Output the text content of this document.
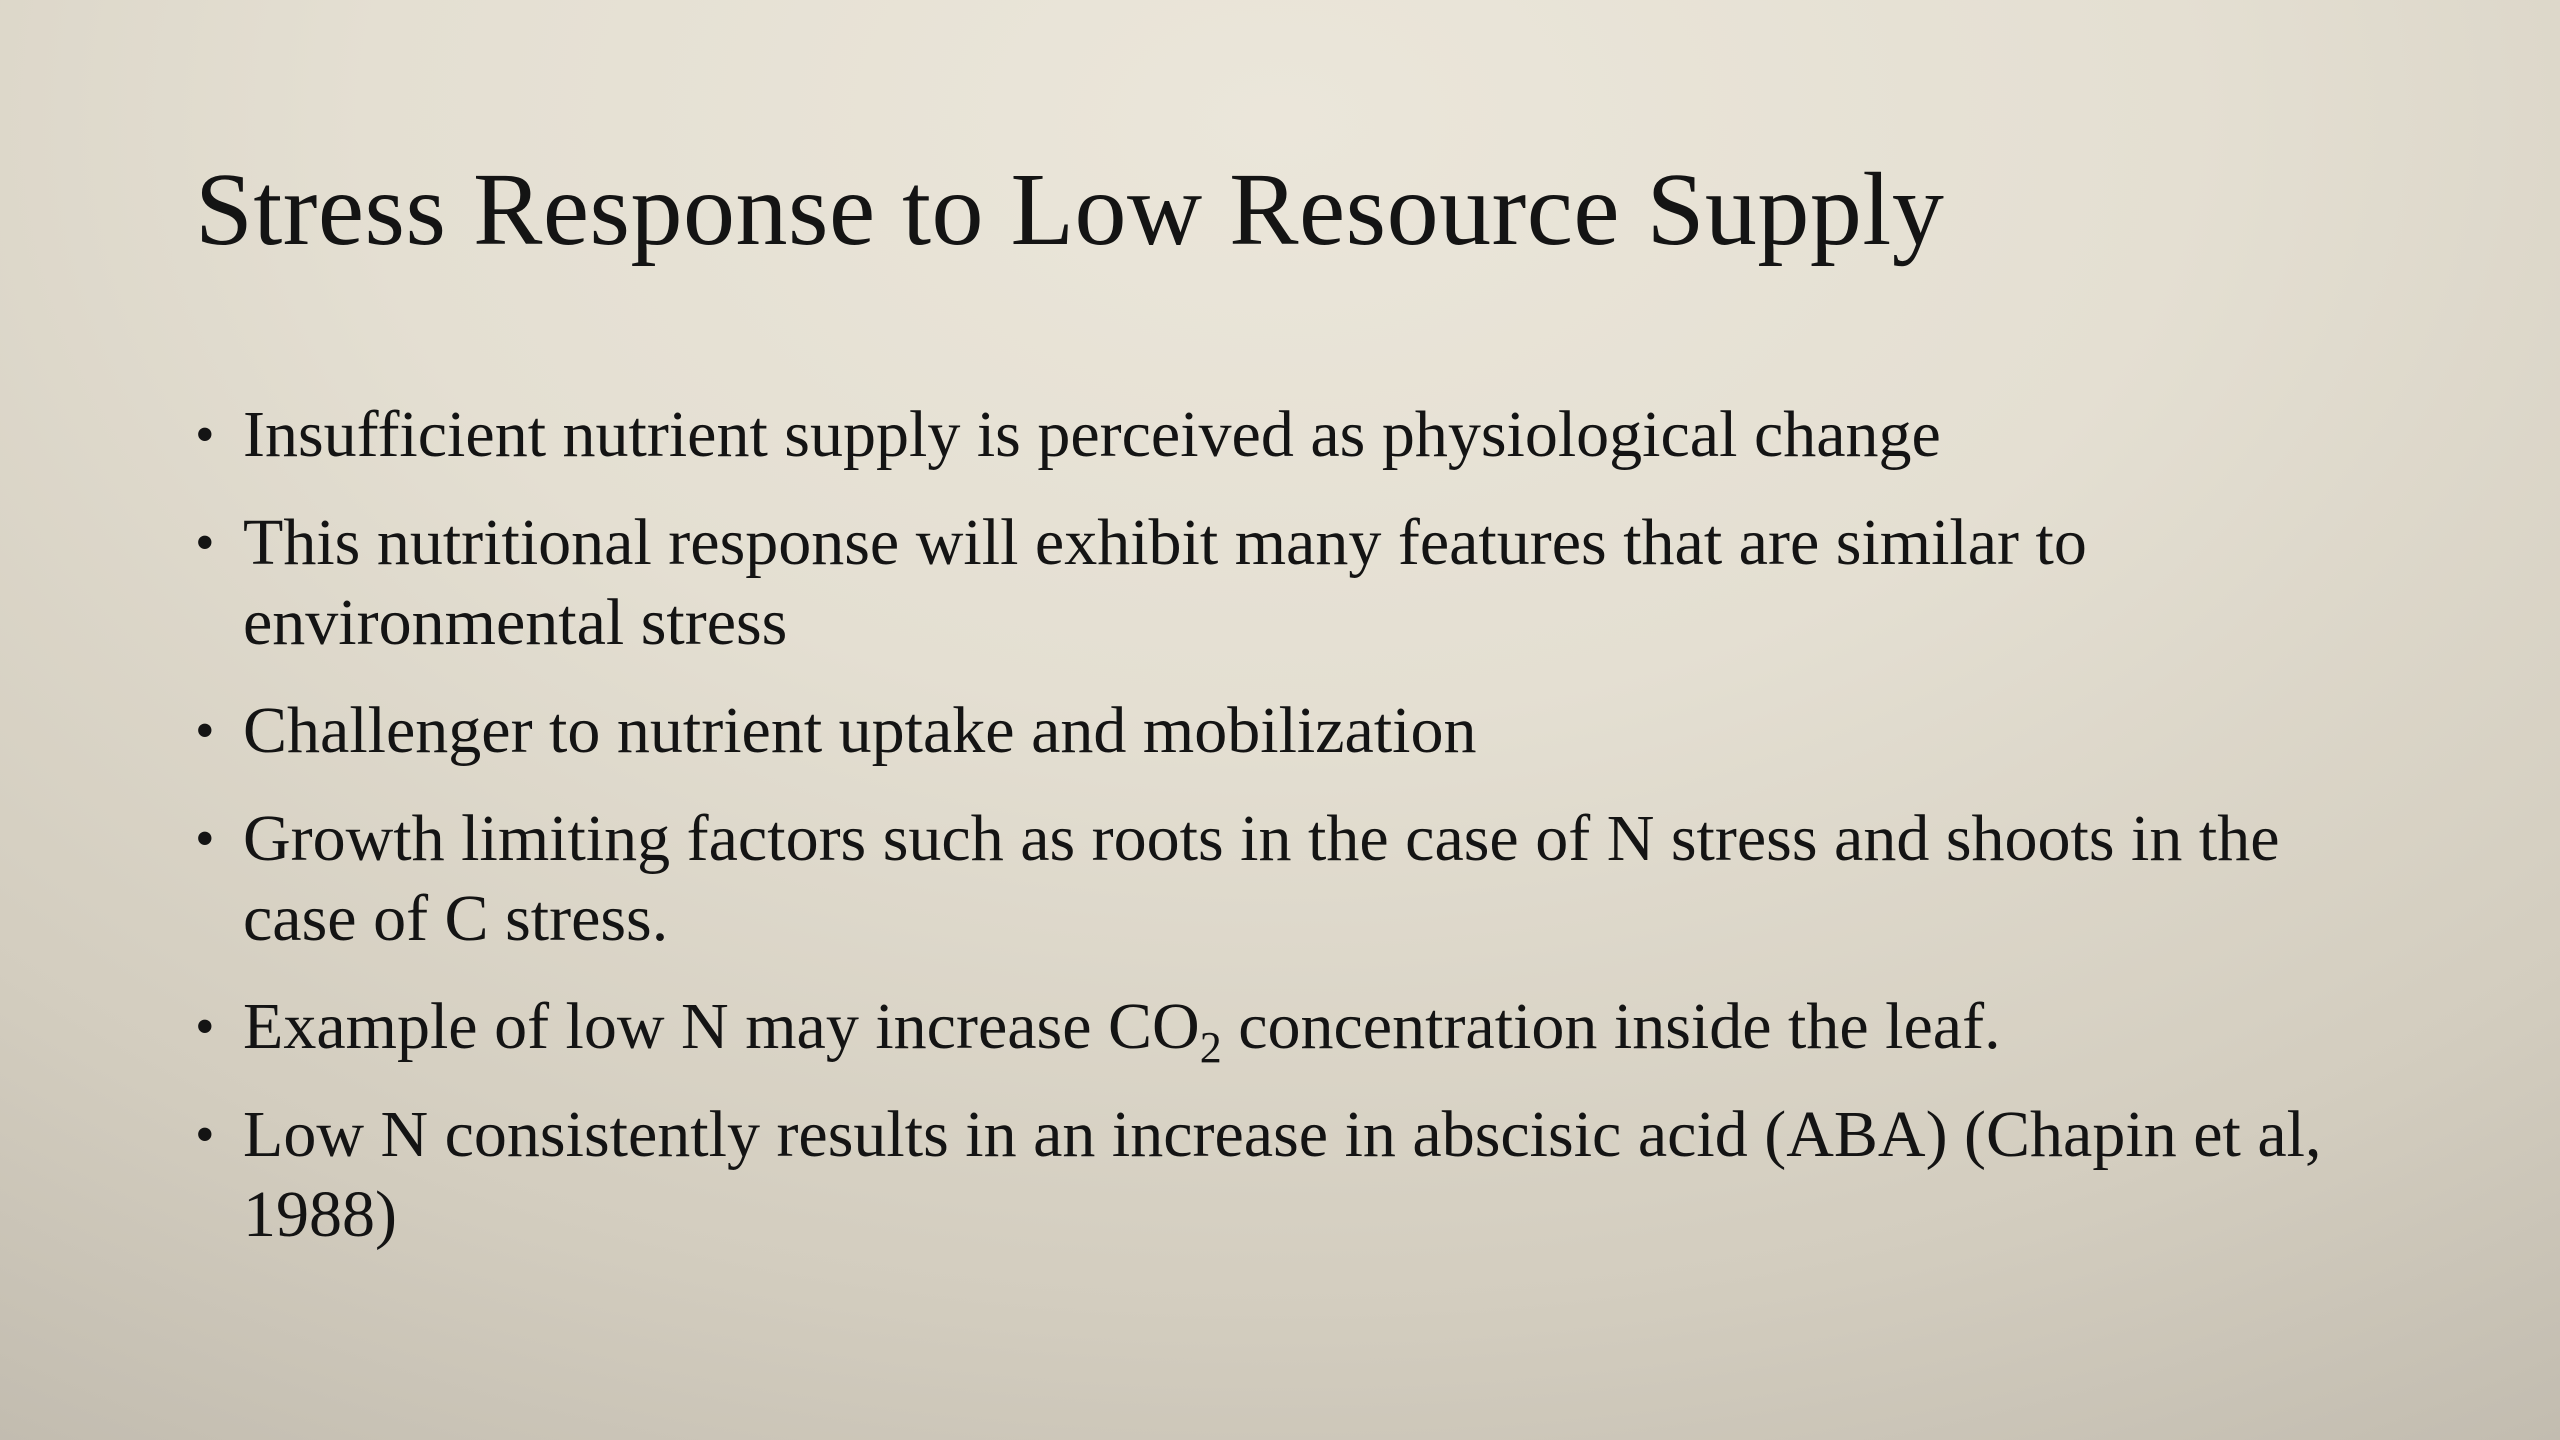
Stress Response to Low Resource Supply
• Insufficient nutrient supply is perceived as physiological change
• This nutritional response will exhibit many features that are similar to environmental stress
• Challenger to nutrient uptake and mobilization
• Growth limiting factors such as roots in the case of N stress and shoots in the case of C stress.
• Example of low N may increase $CO_2$ concentration inside the leaf.
• Low N consistently results in an increase in abscisic acid (ABA) (Chapin et al, 1988)
